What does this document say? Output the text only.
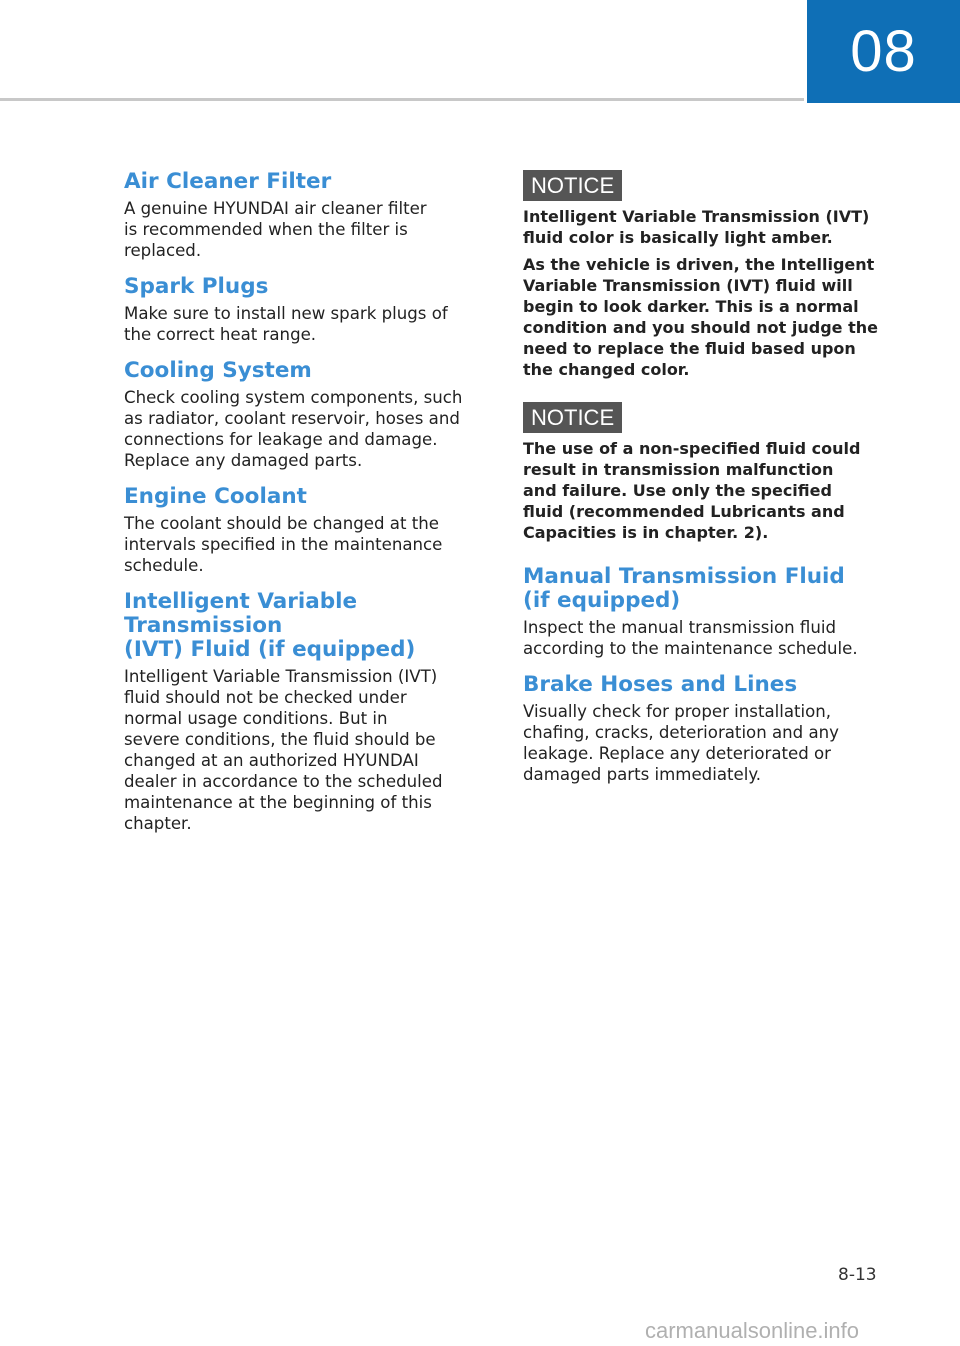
08
Air Cleaner Filter

A genuine HYUNDAI air cleaner filter
is recommended when the filter is
replaced.

Spark Plugs

Make sure to install new spark plugs of
the correct heat range.

Cooling System

Check cooling system components, such
as radiator, coolant reservoir, hoses and
connections for leakage and damage.
Replace any damaged parts.

Engine Coolant

The coolant should be changed at the
intervals specified in the maintenance
schedule.

Intelligent Variable Transmission
(IVT) Fluid (if equipped)

Intelligent Variable Transmission (IVT)
fluid should not be checked under
normal usage conditions. But in
severe conditions, the fluid should be
changed at an authorized HYUNDAI
dealer in accordance to the scheduled
maintenance at the beginning of this
chapter.

NOTICE

Intelligent Variable Transmission (IVT)
fluid color is basically light amber.

As the vehicle is driven, the Intelligent
Variable Transmission (IVT) fluid will
begin to look darker. This is a normal
condition and you should not judge the
need to replace the fluid based upon
the changed color.

NOTICE

The use of a non-specified fluid could
result in transmission malfunction
and failure. Use only the specified
fluid (recommended Lubricants and
Capacities is in chapter. 2).

Manual Transmission Fluid
(if equipped)

Inspect the manual transmission fluid
according to the maintenance schedule.

Brake Hoses and Lines

Visually check for proper installation,
chafing, cracks, deterioration and any
leakage. Replace any deteriorated or
damaged parts immediately.

8-13
carmanualsonline.info
